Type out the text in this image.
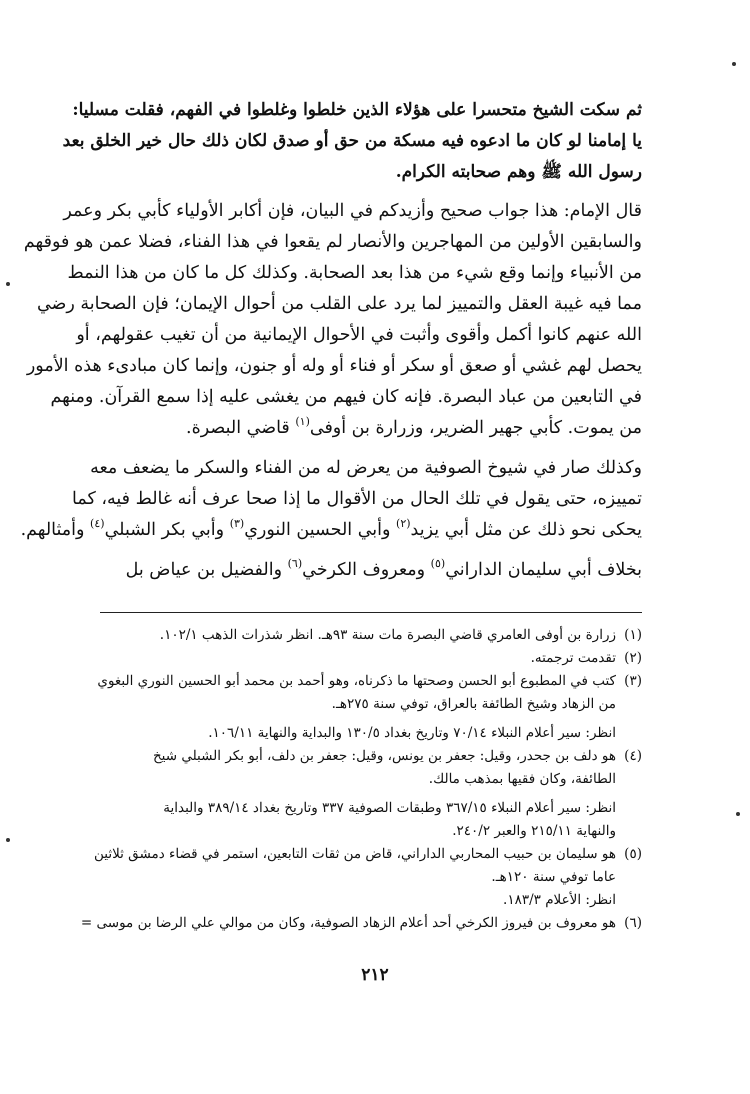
ثم سكت الشيخ متحسرا على هؤلاء الذين خلطوا وغلطوا في الفهم، فقلت مسليا:

يا إمامنا لو كان ما ادعوه فيه مسكة من حق أو صدق لكان ذلك حال خير الخلق بعد

رسول الله ﷺ وهم صحابته الكرام.

قال الإمام: هذا جواب صحيح وأزيدكم في البيان، فإن أكابر الأولياء كأبي بكر وعمر

والسابقين الأولين من المهاجرين والأنصار لم يقعوا في هذا الفناء، فضلا عمن هو فوقهم

من الأنبياء وإنما وقع شيء من هذا بعد الصحابة. وكذلك كل ما كان من هذا النمط

مما فيه غيبة العقل والتمييز لما يرد على القلب من أحوال الإيمان؛ فإن الصحابة رضي

الله عنهم كانوا أكمل وأقوى وأثبت في الأحوال الإيمانية من أن تغيب عقولهم، أو

يحصل لهم غشي أو صعق أو سكر أو فناء أو وله أو جنون، وإنما كان مبادىء هذه الأمور

في التابعين من عباد البصرة. فإنه كان فيهم من يغشى عليه إذا سمع القرآن. ومنهم

من يموت. كأبي جهير الضرير، وزرارة بن أوفى$^{(١)}$ قاضي البصرة.

وكذلك صار في شيوخ الصوفية من يعرض له من الفناء والسكر ما يضعف معه

تمييزه، حتى يقول في تلك الحال من الأقوال ما إذا صحا عرف أنه غالط فيه، كما

يحكى نحو ذلك عن مثل أبي يزيد$^{(٢)}$ وأبي الحسين النوري$^{(٣)}$ وأبي بكر الشبلي$^{(٤)}$ وأمثالهم.

بخلاف أبي سليمان الداراني$^{(٥)}$ ومعروف الكرخي$^{(٦)}$ والفضيل بن عياض بل

(١)

زرارة بن أوفى العامري قاضي البصرة مات سنة ٩٣هـ. انظر شذرات الذهب ١٠٢/١.

(٢)

تقدمت ترجمته.

(٣)

كتب في المطبوع أبو الحسن وصحتها ما ذكرناه، وهو أحمد بن محمد أبو الحسين النوري البغوي

من الزهاد وشيخ الطائفة بالعراق، توفي سنة ٢٧٥هـ.

انظر: سير أعلام النبلاء ٧٠/١٤ وتاريخ بغداد ١٣٠/٥ والبداية والنهاية ١٠٦/١١.

(٤)

هو دلف بن جحدر، وقيل: جعفر بن يونس، وقيل: جعفر بن دلف، أبو بكر الشبلي شيخ

الطائفة، وكان فقيها بمذهب مالك.

انظر: سير أعلام النبلاء ٣٦٧/١٥ وطبقات الصوفية ٣٣٧ وتاريخ بغداد ٣٨٩/١٤ والبداية

والنهاية ٢١٥/١١ والعبر ٢٤٠/٢.

(٥)

هو سليمان بن حبيب المحاربي الداراني، قاض من ثقات التابعين، استمر في قضاء دمشق ثلاثين

عاما توفي سنة ١٢٠هـ.

انظر: الأعلام ١٨٣/٣.

(٦)

هو معروف بن فيروز الكرخي أحد أعلام الزهاد الصوفية، وكان من موالي علي الرضا بن موسى =

٢١٢
